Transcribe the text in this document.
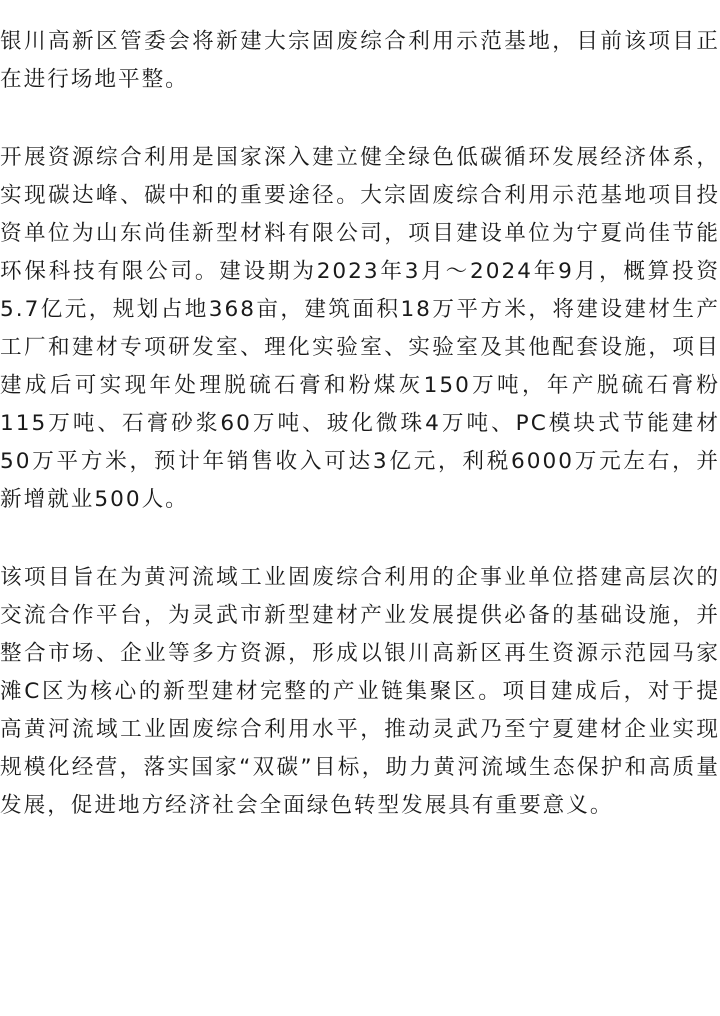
银川高新区管委会将新建大宗固废综合利用示范基地，目前该项目正在进行场地平整。

开展资源综合利用是国家深入建立健全绿色低碳循环发展经济体系，实现碳达峰、碳中和的重要途径。大宗固废综合利用示范基地项目投资单位为山东尚佳新型材料有限公司，项目建设单位为宁夏尚佳节能环保科技有限公司。建设期为2023年3月～2024年9月，概算投资5.7亿元，规划占地368亩，建筑面积18万平方米，将建设建材生产工厂和建材专项研发室、理化实验室、实验室及其他配套设施，项目建成后可实现年处理脱硫石膏和粉煤灰150万吨，年产脱硫石膏粉115万吨、石膏砂浆60万吨、玻化微珠4万吨、PC模块式节能建材50万平方米，预计年销售收入可达3亿元，利税6000万元左右，并新增就业500人。

该项目旨在为黄河流域工业固废综合利用的企事业单位搭建高层次的交流合作平台，为灵武市新型建材产业发展提供必备的基础设施，并整合市场、企业等多方资源，形成以银川高新区再生资源示范园马家滩C区为核心的新型建材完整的产业链集聚区。项目建成后，对于提高黄河流域工业固废综合利用水平，推动灵武乃至宁夏建材企业实现规模化经营，落实国家“双碳”目标，助力黄河流域生态保护和高质量发展，促进地方经济社会全面绿色转型发展具有重要意义。
